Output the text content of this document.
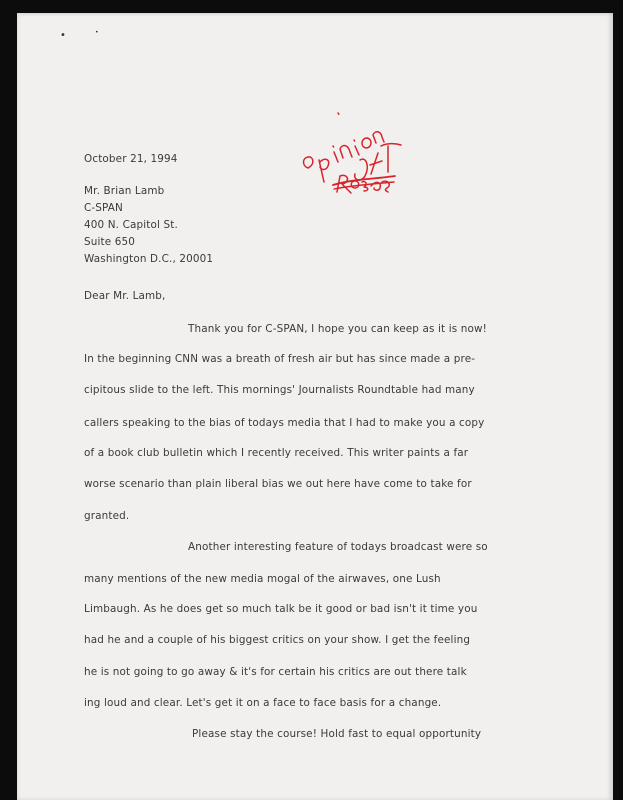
•	•
October 21, 1994
Mr. Brian Lamb
C-SPAN
400 N. Capitol St.
Suite 650
Washington D.C., 20001
Dear Mr. Lamb,
Thank you for C-SPAN, I hope you can keep as it is now!
In the beginning CNN was a breath of fresh air but has since made a pre-
cipitous slide to the left. This mornings' Journalists Roundtable had many
callers speaking to the bias of todays media that I had to make you a copy
of a book club bulletin which I recently received. This writer paints a far
worse scenario than plain liberal bias we out here have come to take for
granted.
Another interesting feature of todays broadcast were so
many mentions of the new media mogal of the airwaves, one Lush
Limbaugh. As he does get so much talk be it good or bad isn't it time you
had he and a couple of his biggest critics on your show. I get the feeling
he is not going to go away & it's for certain his critics are out there talk
ing loud and clear. Let's get it on a face to face basis for a change.
Please stay the course! Hold fast to equal opportunity
